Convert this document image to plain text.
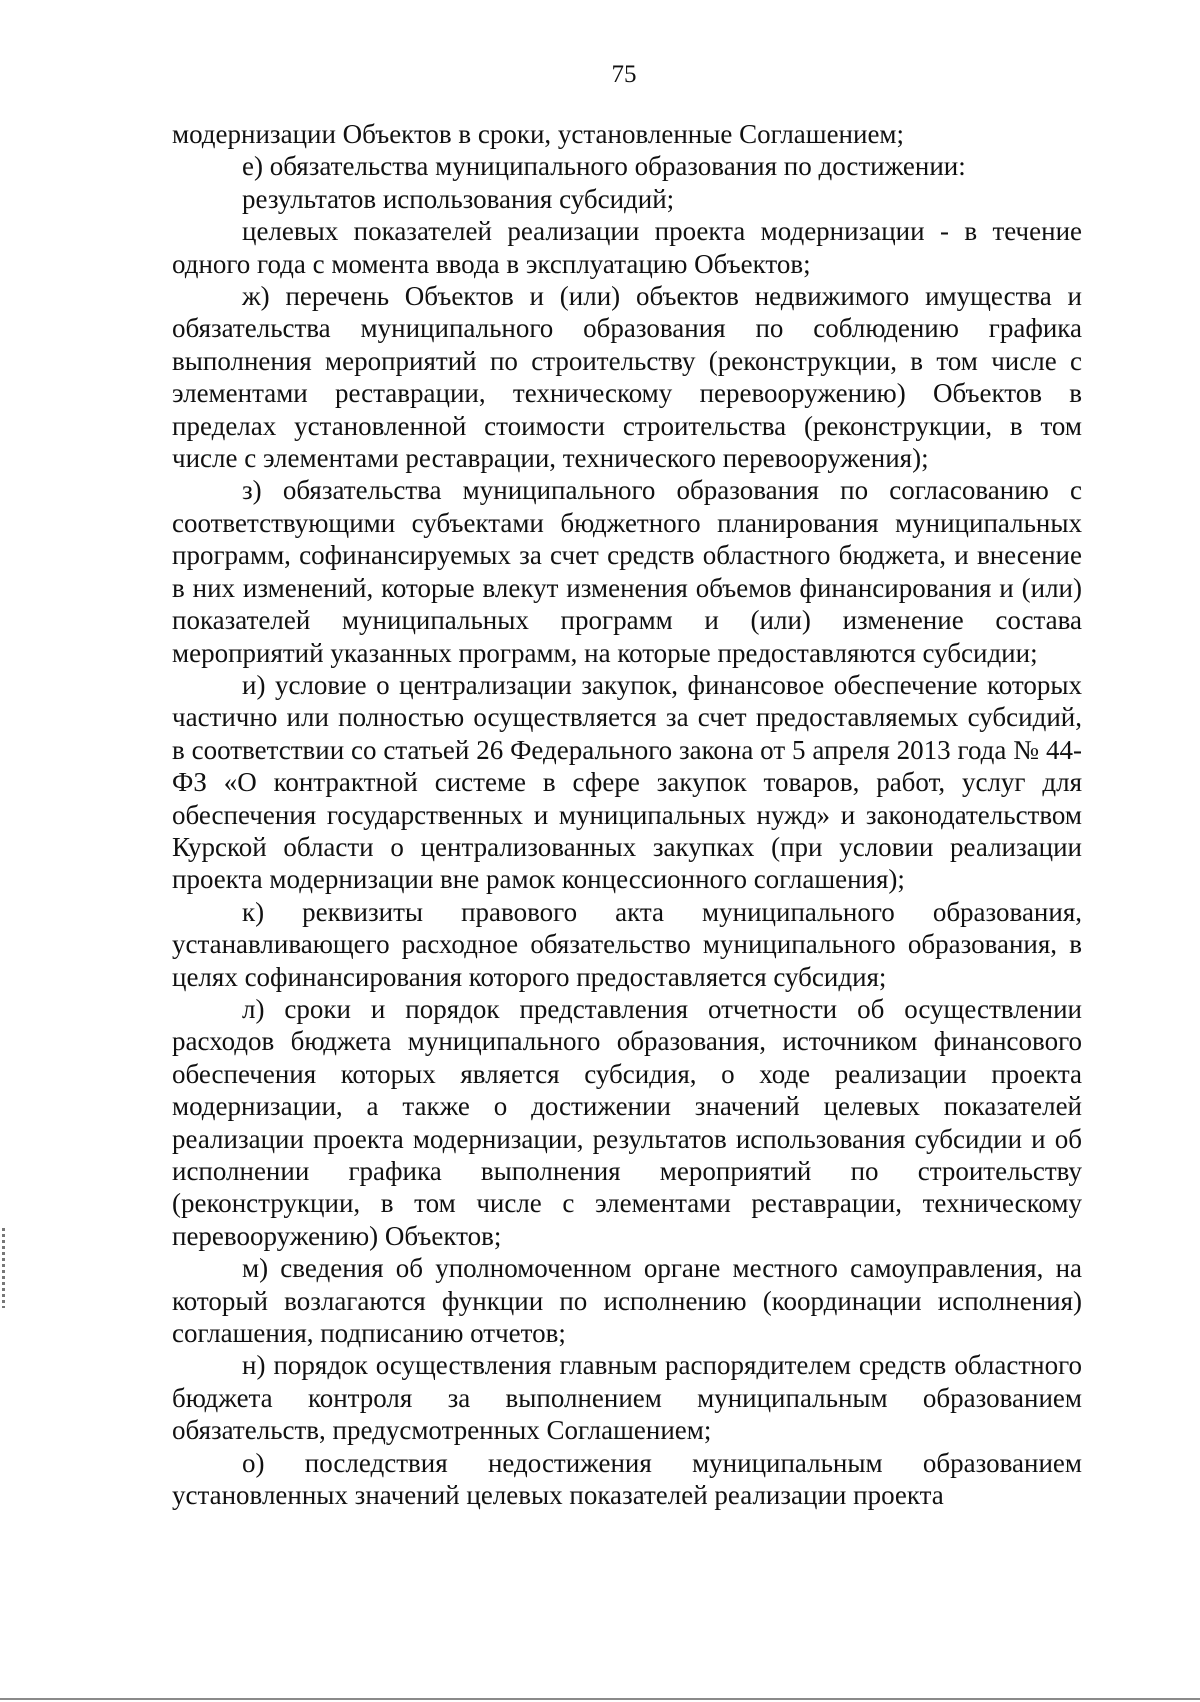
75

модернизации Объектов в сроки, установленные Соглашением;

е) обязательства муниципального образования по достижении:

результатов использования субсидий;

целевых показателей реализации проекта модернизации - в течение одного года с момента ввода в эксплуатацию Объектов;

ж) перечень Объектов и (или) объектов недвижимого имущества и обязательства муниципального образования по соблюдению графика выполнения мероприятий по строительству (реконструкции, в том числе с элементами реставрации, техническому перевооружению) Объектов в пределах установленной стоимости строительства (реконструкции, в том числе с элементами реставрации, технического перевооружения);

з) обязательства муниципального образования по согласованию с соответствующими субъектами бюджетного планирования муниципальных программ, софинансируемых за счет средств областного бюджета, и внесение в них изменений, которые влекут изменения объемов финансирования и (или) показателей муниципальных программ и (или) изменение состава мероприятий указанных программ, на которые предоставляются субсидии;

и) условие о централизации закупок, финансовое обеспечение которых частично или полностью осуществляется за счет предоставляемых субсидий, в соответствии со статьей 26 Федерального закона от 5 апреля 2013 года № 44-ФЗ «О контрактной системе в сфере закупок товаров, работ, услуг для обеспечения государственных и муниципальных нужд» и законодательством Курской области о централизованных закупках (при условии реализации проекта модернизации вне рамок концессионного соглашения);

к) реквизиты правового акта муниципального образования, устанавливающего расходное обязательство муниципального образования, в целях софинансирования которого предоставляется субсидия;

л) сроки и порядок представления отчетности об осуществлении расходов бюджета муниципального образования, источником финансового обеспечения которых является субсидия, о ходе реализации проекта модернизации, а также о достижении значений целевых показателей реализации проекта модернизации, результатов использования субсидии и об исполнении графика выполнения мероприятий по строительству (реконструкции, в том числе с элементами реставрации, техническому перевооружению) Объектов;

м) сведения об уполномоченном органе местного самоуправления, на который возлагаются функции по исполнению (координации исполнения) соглашения, подписанию отчетов;

н) порядок осуществления главным распорядителем средств областного бюджета контроля за выполнением муниципальным образованием обязательств, предусмотренных Соглашением;

о) последствия недостижения муниципальным образованием установленных значений целевых показателей реализации проекта
